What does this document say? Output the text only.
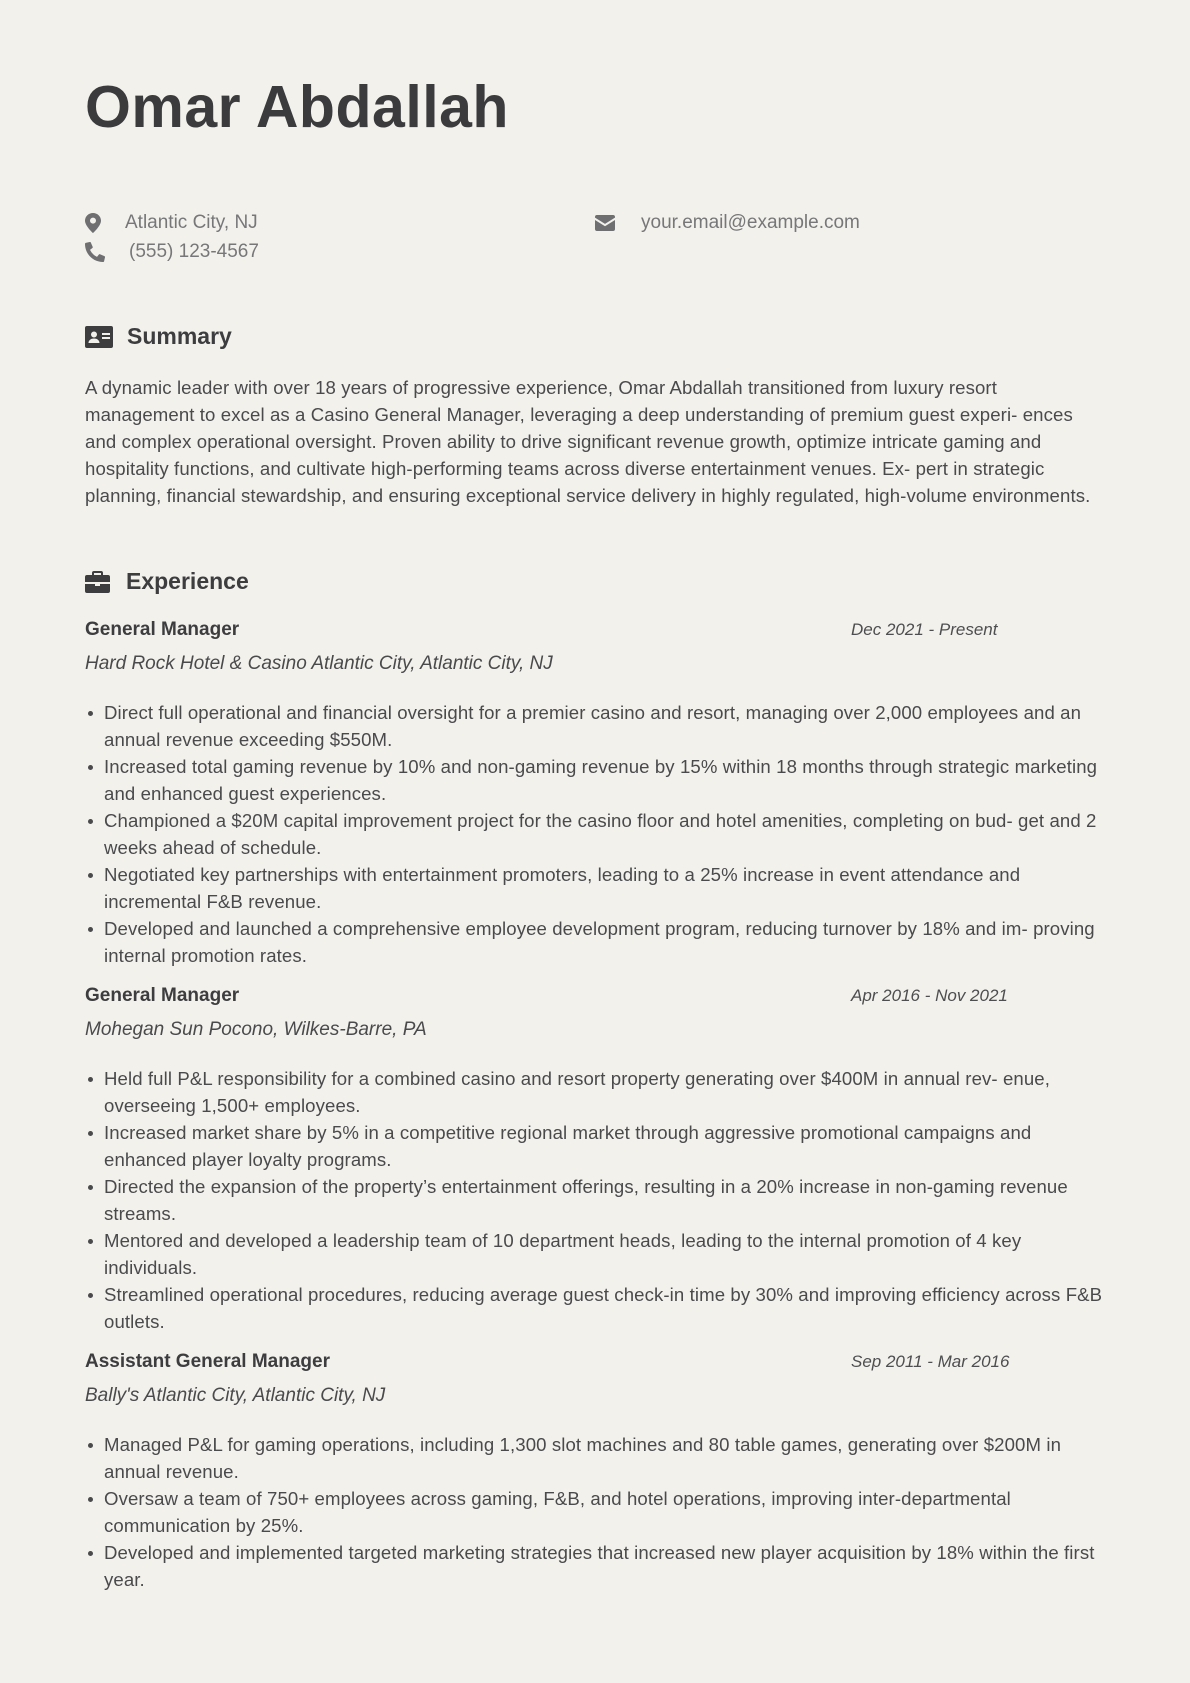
Omar Abdallah
Atlantic City, NJ
(555) 123-4567
your.email@example.com
Summary

A dynamic leader with over 18 years of progressive experience, Omar Abdallah transitioned from luxury resort management to excel as a Casino General Manager, leveraging a deep understanding of premium guest experi- ences and complex operational oversight. Proven ability to drive significant revenue growth, optimize intricate gaming and hospitality functions, and cultivate high-performing teams across diverse entertainment venues. Ex- pert in strategic planning, financial stewardship, and ensuring exceptional service delivery in highly regulated, high-volume environments.

Experience
General Manager	Dec 2021 - Present
Hard Rock Hotel & Casino Atlantic City, Atlantic City, NJ
Direct full operational and financial oversight for a premier casino and resort, managing over 2,000 employees and an annual revenue exceeding $550M.
Increased total gaming revenue by 10% and non-gaming revenue by 15% within 18 months through strategic marketing and enhanced guest experiences.
Championed a $20M capital improvement project for the casino floor and hotel amenities, completing on bud- get and 2 weeks ahead of schedule.
Negotiated key partnerships with entertainment promoters, leading to a 25% increase in event attendance and incremental F&B revenue.
Developed and launched a comprehensive employee development program, reducing turnover by 18% and im- proving internal promotion rates.
General Manager	Apr 2016 - Nov 2021
Mohegan Sun Pocono, Wilkes-Barre, PA
Held full P&L responsibility for a combined casino and resort property generating over $400M in annual rev- enue, overseeing 1,500+ employees.
Increased market share by 5% in a competitive regional market through aggressive promotional campaigns and enhanced player loyalty programs.
Directed the expansion of the property’s entertainment offerings, resulting in a 20% increase in non-gaming revenue streams.
Mentored and developed a leadership team of 10 department heads, leading to the internal promotion of 4 key individuals.
Streamlined operational procedures, reducing average guest check-in time by 30% and improving efficiency across F&B outlets.
Assistant General Manager	Sep 2011 - Mar 2016
Bally's Atlantic City, Atlantic City, NJ
Managed P&L for gaming operations, including 1,300 slot machines and 80 table games, generating over $200M in annual revenue.
Oversaw a team of 750+ employees across gaming, F&B, and hotel operations, improving inter-departmental communication by 25%.
Developed and implemented targeted marketing strategies that increased new player acquisition by 18% within the first year.
